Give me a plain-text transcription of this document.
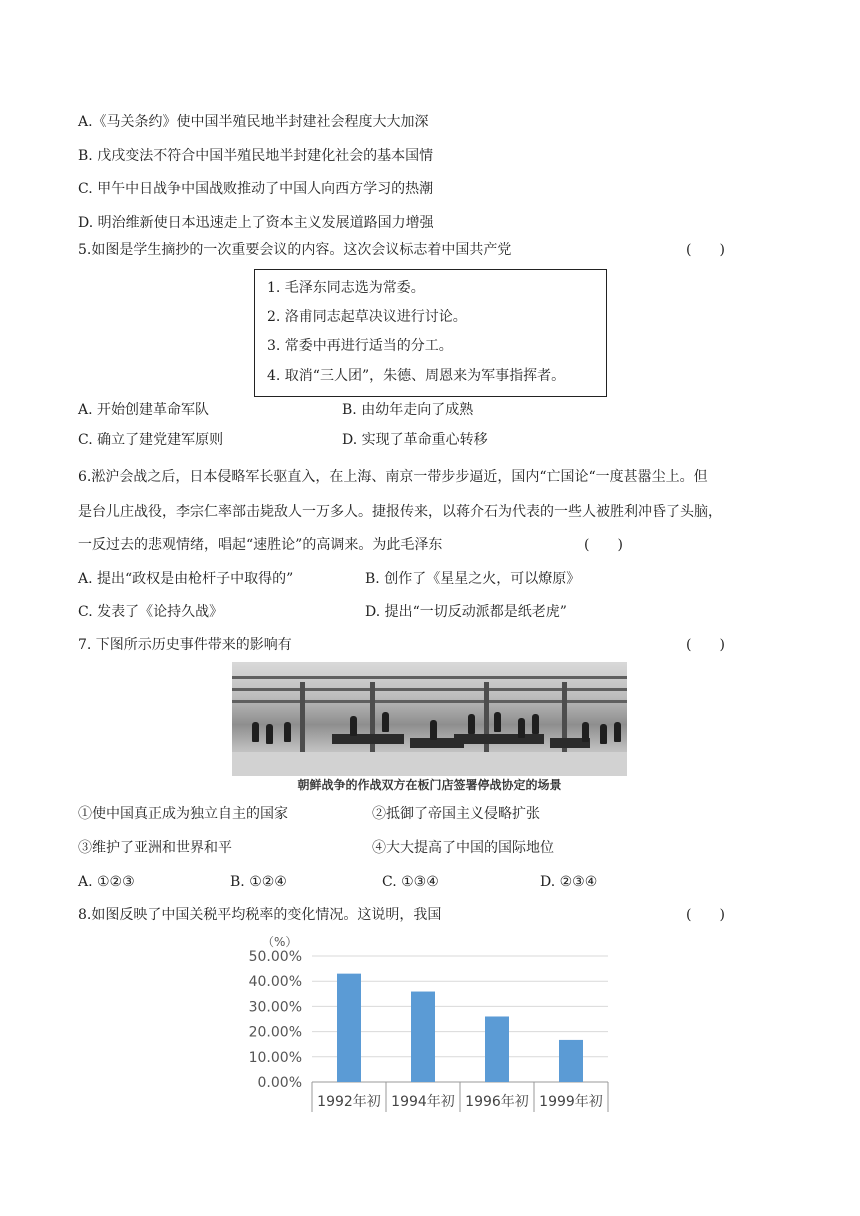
A.《马关条约》使中国半殖民地半封建社会程度大大加深
B. 戊戌变法不符合中国半殖民地半封建化社会的基本国情
C. 甲午中日战争中国战败推动了中国人向西方学习的热潮
D. 明治维新使日本迅速走上了资本主义发展道路国力增强
5.如图是学生摘抄的一次重要会议的内容。这次会议标志着中国共产党	(　　)
1. 毛泽东同志选为常委。
2. 洛甫同志起草决议进行讨论。
3. 常委中再进行适当的分工。
4. 取消“三人团”，朱德、周恩来为军事指挥者。
A. 开始创建革命军队	B. 由幼年走向了成熟
C. 确立了建党建军原则	D. 实现了革命重心转移
6.淞沪会战之后，日本侵略军长驱直入，在上海、南京一带步步逼近，国内“亡国论“一度甚嚣尘上。但
是台儿庄战役，李宗仁率部击毙敌人一万多人。捷报传来，以蒋介石为代表的一些人被胜利冲昏了头脑，
一反过去的悲观情绪，唱起“速胜论”的高调来。为此毛泽东	(　　)
A. 提出“政权是由枪杆子中取得的”	B. 创作了《星星之火，可以燎原》
C. 发表了《论持久战》	D. 提出“一切反动派都是纸老虎”
7. 下图所示历史事件带来的影响有	(　　)
朝鲜战争的作战双方在板门店签署停战协定的场景
①使中国真正成为独立自主的国家	②抵御了帝国主义侵略扩张
③维护了亚洲和世界和平	④大大提高了中国的国际地位
A. ①②③	B. ①②④	C. ①③④	D. ②③④
8.如图反映了中国关税平均税率的变化情况。这说明，我国	(　　)
（%）
0.00%
10.00%
20.00%
30.00%
40.00%
50.00%
1992年初 1994年初 1996年初 1999年初
